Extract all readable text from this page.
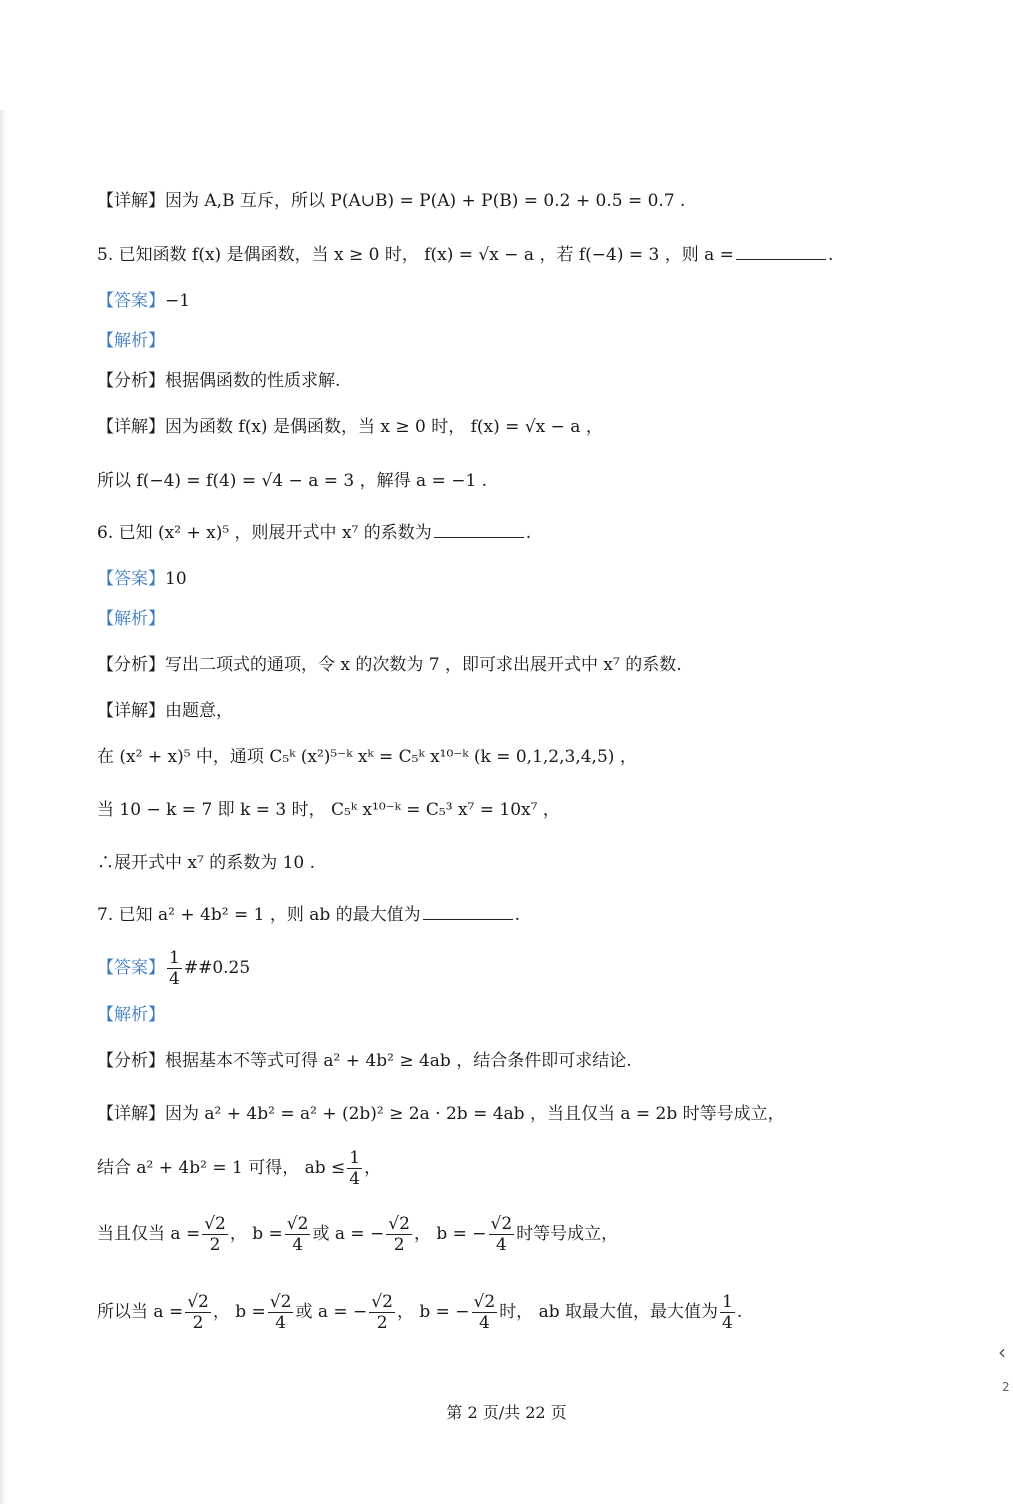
【详解】因为 A,B 互斥，所以 P(A∪B) = P(A) + P(B) = 0.2 + 0.5 = 0.7 .
5. 已知函数 f(x) 是偶函数，当 x ≥ 0 时， f(x) = √x − a ，若 f(−4) = 3 ，则 a =	.
【答案】−1
【解析】
【分析】根据偶函数的性质求解.
【详解】因为函数 f(x) 是偶函数，当 x ≥ 0 时， f(x) = √x − a ，
所以 f(−4) = f(4) = √4 − a = 3 ，解得 a = −1 .
6. 已知 (x² + x)⁵ ，则展开式中 x⁷ 的系数为	.
【答案】10
【解析】
【分析】写出二项式的通项，令 x 的次数为 7 ，即可求出展开式中 x⁷ 的系数.
【详解】由题意，
在 (x² + x)⁵ 中，通项 C₅ᵏ (x²)⁵⁻ᵏ xᵏ = C₅ᵏ x¹⁰⁻ᵏ (k = 0,1,2,3,4,5) ，
当 10 − k = 7 即 k = 3 时， C₅ᵏ x¹⁰⁻ᵏ = C₅³ x⁷ = 10x⁷ ，
∴展开式中 x⁷ 的系数为 10 .
7. 已知 a² + 4b² = 1 ，则 ab 的最大值为	.
【答案】 $\frac{1}{4}$ ##0.25
【解析】
【分析】根据基本不等式可得 a² + 4b² ≥ 4ab ，结合条件即可求结论.
【详解】因为 a² + 4b² = a² + (2b)² ≥ 2a · 2b = 4ab ，当且仅当 a = 2b 时等号成立，
结合 a² + 4b² = 1 可得， ab ≤ $\frac{1}{4}$ ，
当且仅当 $a = \frac{√2}{2}$ ， $b = \frac{√2}{4}$ 或 a = − $\frac{√2}{2}$ ， b = − $\frac{√2}{4}$ 时等号成立，
所以当 $a = \frac{√2}{2}$ ， $b = \frac{√2}{4}$ 或 a = − $\frac{√2}{2}$ ， b = − $\frac{√2}{4}$ 时， ab 取最大值，最大值为 $\frac{1}{4}$ .
第 2 页/共 22 页
‹
2
